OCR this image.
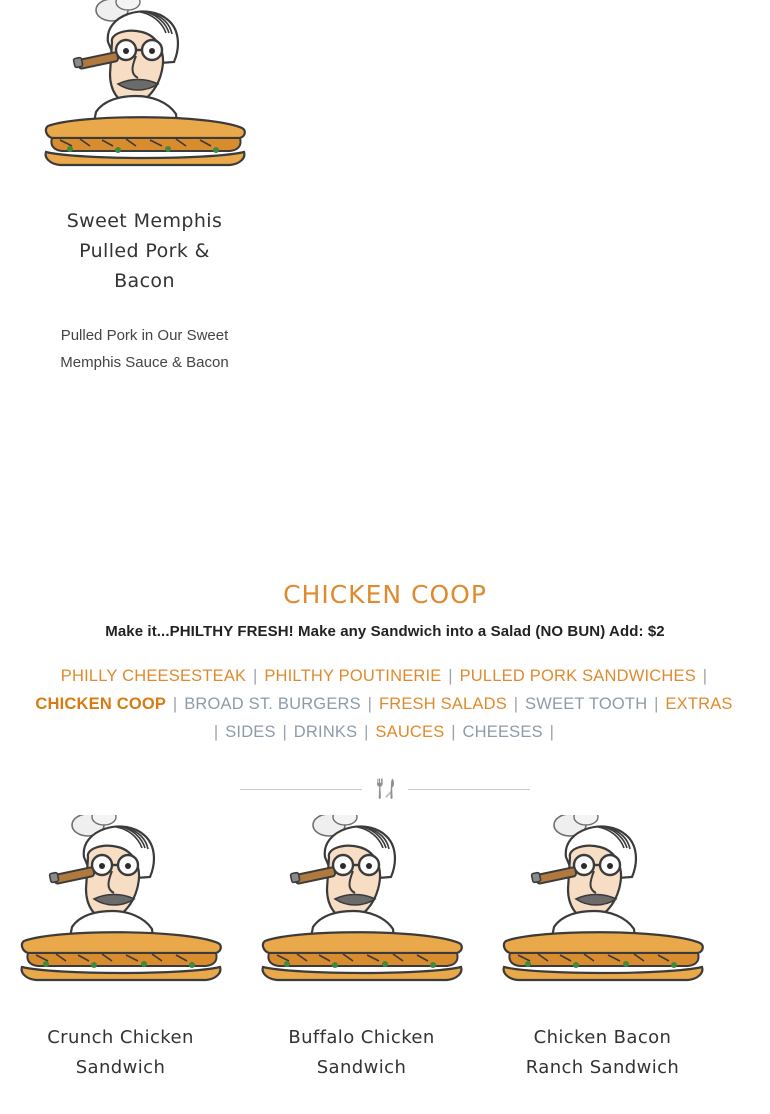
Sweet Memphis Pulled Pork & Bacon
Pulled Pork in Our Sweet Memphis Sauce & Bacon
CHICKEN COOP
Make it...PHILTHY FRESH! Make any Sandwich into a Salad (NO BUN) Add: $2
PHILLY CHEESESTEAK | PHILTHY POUTINERIE | PULLED PORK SANDWICHES | CHICKEN COOP | BROAD ST. BURGERS | FRESH SALADS | SWEET TOOTH | EXTRAS | SIDES | DRINKS | SAUCES | CHEESES |
Crunch Chicken Sandwich
Buffalo Chicken Sandwich
Chicken Bacon Ranch Sandwich
